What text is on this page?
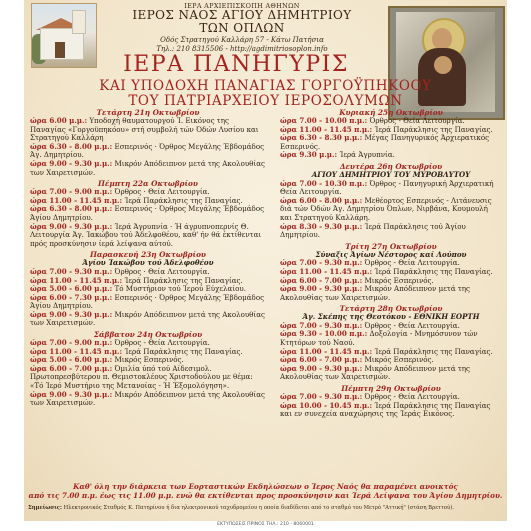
ΙΕΡΑ ΑΡΧΙΕΠΙΣΚΟΠΗ ΑΘΗΝΩΝ
ΙΕΡΟΣ ΝΑΟΣ ΑΓΙΟΥ ΔΗΜΗΤΡΙΟΥ
ΤΩΝ ΟΠΛΩΝ
Οδός Στρατηγού Καλλάρη 57 - Κάτω Πατήσια
Τηλ.: 210 8315506 - http://agdimitriosoplon.info
ΙΕΡΑ ΠΑΝΗΓΥΡΙΣ
ΚΑΙ ΥΠΟΔΟΧΗ ΠΑΝΑΓΙΑΣ ΓΟΡΓΟΫΠΗΚΟΟΥ
ΤΟΥ ΠΑΤΡΙΑΡΧΕΙΟΥ ΙΕΡΟΣΟΛΥΜΩΝ
Τετάρτη 21η Οκτωβρίου
ώρα 6.00 μ.μ.: Υποδοχή θαυματουργού Ί. Εικόνος της Παναγίας «Γοργοϋπηκόου» στή συμβολή τών Όδών Λυσίου και Στρατηγού Καλλάρη
ώρα 6.30 - 8.00 μ.μ.: Εσπερινός · Όρθρος Μεγάλης Έβδομάδος Άγ. Δημητρίου.
ώρα 9.00 - 9.30 μ.μ.: Μικρόν Απόδειπνον μετά της Ακολουθίας των Χαιρετισμών.
Πέμπτη 22α Οκτωβρίου
ώρα 7.00 - 9.00 π.μ.: Όρθρος · Θεία Λειτουργία.
ώρα 11.00 - 11.45 π.μ.: Ίερά Παράκλησις της Παναγίας.
ώρα 6.30 - 8.00 μ.μ.: Εσπερινός · Όρθρος Μεγάλης Έβδομάδος Άγίου Δημητρίου.
ώρα 9.00 - 9.30 μ.μ.: Ίερά Άγρυπνία · Ή άγρυπνοπερνίς Θ. Λειτουργία Άγ. Ίακώβου τού Άδελφοθέου, καθ' ήν θά έκτίθενται πρός προσκύνησιν ίερά λείψανα αύτού.
Παρασκευή 23η Οκτωβρίου
Άγίου Ίακώβου τού Άδελφοθέου
ώρα 7.00 - 9.30 π.μ.: Όρθρος · Θεία Λειτουργία.
ώρα 11.00 - 11.45 π.μ.: Ίερά Παράκλησις της Παναγίας.
ώρα 5.00 - 6.00 μ.μ.: Τό Μυστήριον τού Ίερού Εύχελαίου.
ώρα 6.00 - 7.30 μ.μ.: Εσπερινός · Όρθρος Μεγάλης Έβδομάδος Άγίου Δημητρίου.
ώρα 9.00 - 9.30 μ.μ.: Μικρόν Απόδειπνον μετά της Ακολουθίας των Χαιρετισμών.
Σάββατον 24η Οκτωβρίου
ώρα 7.00 - 9.00 π.μ.: Όρθρος - Θεία Λειτουργία.
ώρα 11.00 - 11.45 π.μ.: Ίερά Παράκλησις της Παναγίας.
ώρα 5.00 - 6.00 μ.μ.: Μικρός Εσπερινός.
ώρα 6.00 - 7.00 μ.μ.: Όμιλία ύπό τού Αίδεσιμολ. Πρωτοπρεσβύτερου π. Θεμιστοκλέους Χριστοδούλου με θέμα: «Τό Ίερό Μυστήριο της Μετανοίας - Ή Έξομολόγηση».
ώρα 9.00 - 9.30 μ.μ.: Μικρόν Απόδειπνον μετά της Ακολουθίας των Χαιρετισμών.
Κυριακή 25η Οκτωβρίου
ώρα 7.00 - 10.00 π.μ.: Όρθρος - Θεία Λειτουργία.
ώρα 11.00 - 11.45 π.μ.: Ίερά Παράκλησις της Παναγίας.
ώρα 6.30 - 8.30 μ.μ.: Μέγας Πανηγυρικός Άρχιερατικός Εσπερινός.
ώρα 9.30 μ.μ.: Ίερά Άγρυπνία.
Δευτέρα 26η Οκτωβρίου
ΑΓΙΟΥ ΔΗΜΗΤΡΙΟΥ ΤΟΥ ΜΥΡΟΒΛΥΤΟΥ
ώρα 7.00 - 10.30 π.μ.: Όρθρος - Πανηγυρική Άρχιερατική Θεία Λειτουργία.
ώρα 6.00 - 8.00 μ.μ.: Μεθέορτος Εσπερινός - Λιτάνευσις διά τών Όδών Άγ. Δημητρίου Όπλων, Νιρβάνα, Κουμουλή και Στρατηγού Καλλάρη.
ώρα 8.30 - 9.30 μ.μ.: Ίερά Παράκλησις τού Άγίου Δημητρίου.
Τρίτη 27η Οκτωβρίου
Σύναξις Άγίων Νέστορος καί Λούπου
ώρα 7.00 - 9.30 π.μ.: Όρθρος - Θεία Λειτουργία.
ώρα 11.00 - 11.45 π.μ.: Ίερά Παράκλησις της Παναγίας.
ώρα 6.00 - 7.00 μ.μ.: Μικρός Εσπερινός.
ώρα 9.00 - 9.30 μ.μ.: Μικρόν Απόδειπνον μετά της Ακολουθίας των Χαιρετισμών.
Τετάρτη 28η Οκτωβρίου
Άγ. Σκέπης της Θεοτόκου - ΕΘΝΙΚΗ ΕΟΡΤΗ
ώρα 7.00 - 9.30 π.μ.: Όρθρος - Θεία Λειτουργία.
ώρα 9.30 - 10.00 π.μ.: Δοξολογία - Μνημόσυνον τών Κτητόρων τού Ναού.
ώρα 11.00 - 11.45 π.μ.: Ίερά Παράκλησις της Παναγίας.
ώρα 6.00 - 7.00 μ.μ.: Μικρός Εσπερινός.
ώρα 9.00 - 9.30 μ.μ.: Μικρόν Απόδειπνον μετά της Ακολουθίας των Χαιρετισμών.
Πέμπτη 29η Οκτωβρίου
ώρα 7.00 - 9.30 π.μ.: Όρθρος - Θεία Λειτουργία.
ώρα 10.00 - 10.45 π.μ.: Ίερά Παράκλησις της Παναγίας και εν συνεχεία αναχώρησις της Ίεράς Εικόνος.
Καθ' όλη την διάρκεια των Εορταστικών Εκδηλώσεων ο Ίερος Ναός θα παραμένει ανοικτός
από τις 7.00 π.μ. έως τις 11.00 μ.μ. ενώ θα εκτίθενται προς προσκύνησιν και Ίερά Λείψανα του Άγίου Δημητρίου.
Σημείωσις: Ηλεκτρονικός Σταθμός Κ. Πατηρίνου ή δια ηλεκτρονικού ταχυδρομείου η οποία διαδίδεται από το σταθμό του Μετρό "Αττική" (στάση Βρεττού).
ΕΚΤΥΠΩΣΕΙΣ ΠΡΙΝΟΣ ΤΗΛ.: 210 - 8060001
